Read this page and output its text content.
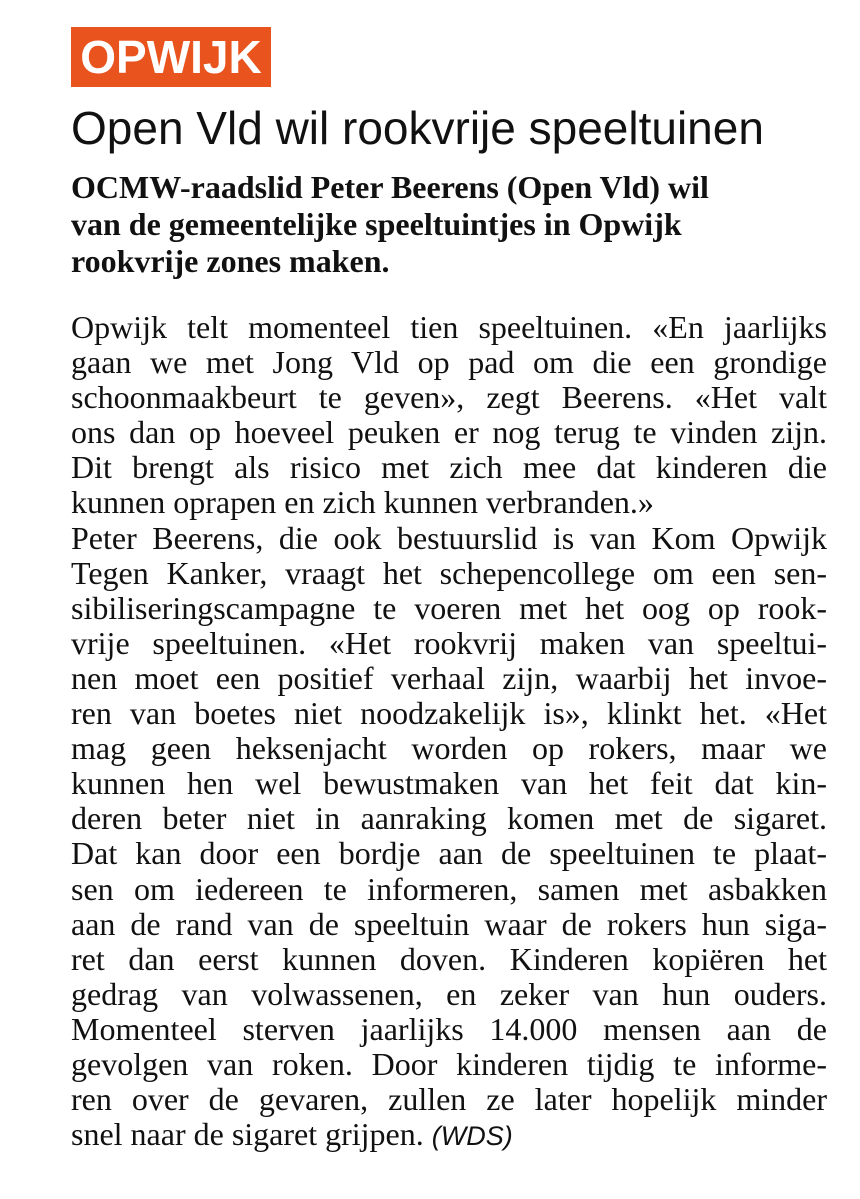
OPWIJK
Open Vld wil rookvrije speeltuinen

OCMW-raadslid Peter Beerens (Open Vld) wil
van de gemeentelijke speeltuintjes in Opwijk
rookvrije zones maken.

Opwijk telt momenteel tien speeltuinen. «En jaarlijks
gaan we met Jong Vld op pad om die een grondige
schoonmaakbeurt te geven», zegt Beerens. «Het valt
ons dan op hoeveel peuken er nog terug te vinden zijn.
Dit brengt als risico met zich mee dat kinderen die
kunnen oprapen en zich kunnen verbranden.»
Peter Beerens, die ook bestuurslid is van Kom Opwijk
Tegen Kanker, vraagt het schepencollege om een sen-
sibiliseringscampagne te voeren met het oog op rook-
vrije speeltuinen. «Het rookvrij maken van speeltui-
nen moet een positief verhaal zijn, waarbij het invoe-
ren van boetes niet noodzakelijk is», klinkt het. «Het
mag geen heksenjacht worden op rokers, maar we
kunnen hen wel bewustmaken van het feit dat kin-
deren beter niet in aanraking komen met de sigaret.
Dat kan door een bordje aan de speeltuinen te plaat-
sen om iedereen te informeren, samen met asbakken
aan de rand van de speeltuin waar de rokers hun siga-
ret dan eerst kunnen doven. Kinderen kopiëren het
gedrag van volwassenen, en zeker van hun ouders.
Momenteel sterven jaarlijks 14.000 mensen aan de
gevolgen van roken. Door kinderen tijdig te informe-
ren over de gevaren, zullen ze later hopelijk minder
snel naar de sigaret grijpen. (WDS)
